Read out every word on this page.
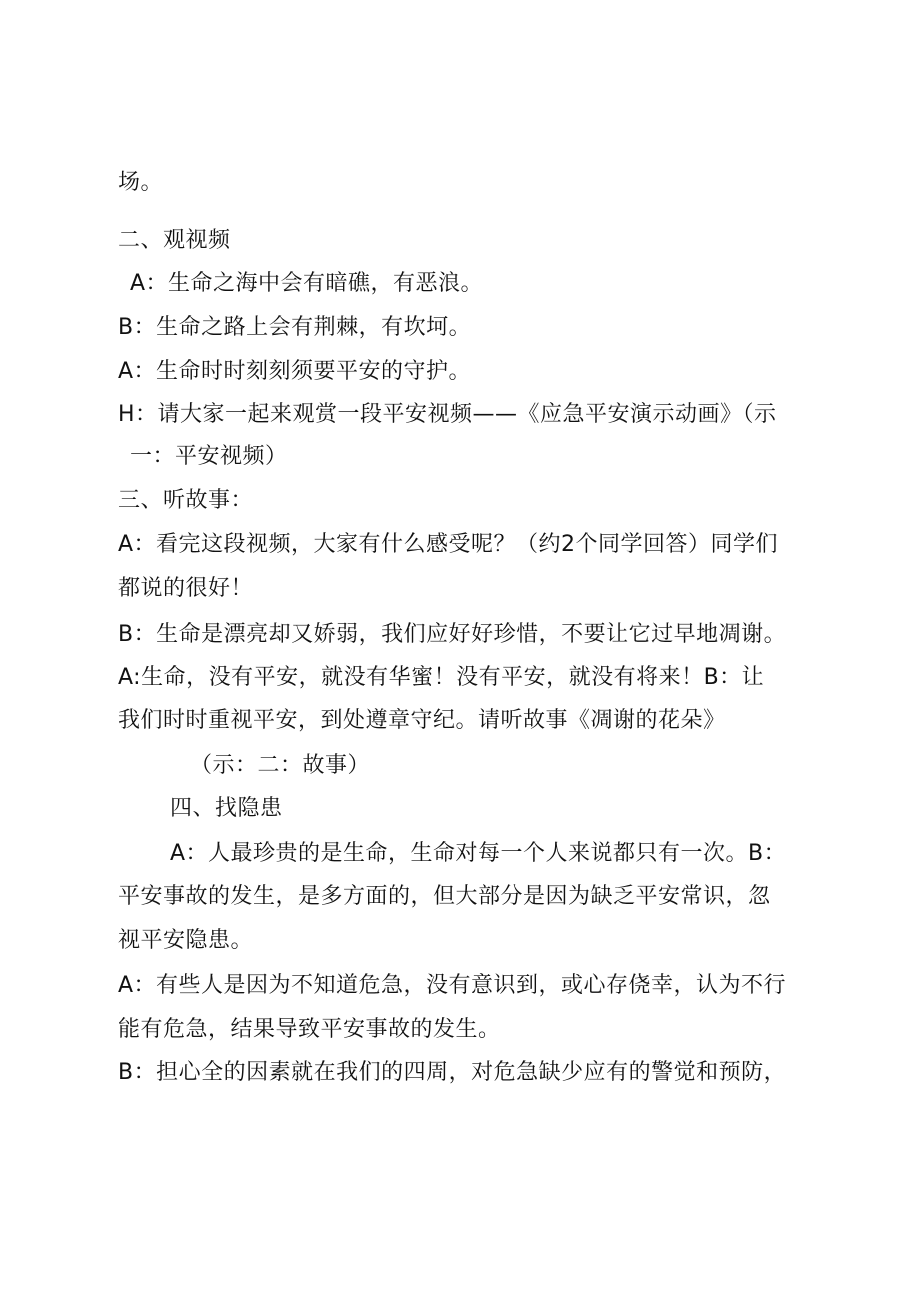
场。
二、观视频
A：生命之海中会有暗礁，有恶浪。
B：生命之路上会有荆棘，有坎坷。
A：生命时时刻刻须要平安的守护。
H：请大家一起来观赏一段平安视频——《应急平安演示动画》（示
一：平安视频）
三、听故事：
A：看完这段视频，大家有什么感受呢？（约2个同学回答）同学们
都说的很好！
B：生命是漂亮却又娇弱，我们应好好珍惜，不要让它过早地凋谢。
A:生命，没有平安，就没有华蜜！没有平安，就没有将来！B：让
我们时时重视平安，到处遵章守纪。请听故事《凋谢的花朵》
（示：二：故事）
四、找隐患
A：人最珍贵的是生命，生命对每一个人来说都只有一次。B：
平安事故的发生，是多方面的，但大部分是因为缺乏平安常识，忽
视平安隐患。
A：有些人是因为不知道危急，没有意识到，或心存侥幸，认为不行
能有危急，结果导致平安事故的发生。
B：担心全的因素就在我们的四周，对危急缺少应有的警觉和预防，
